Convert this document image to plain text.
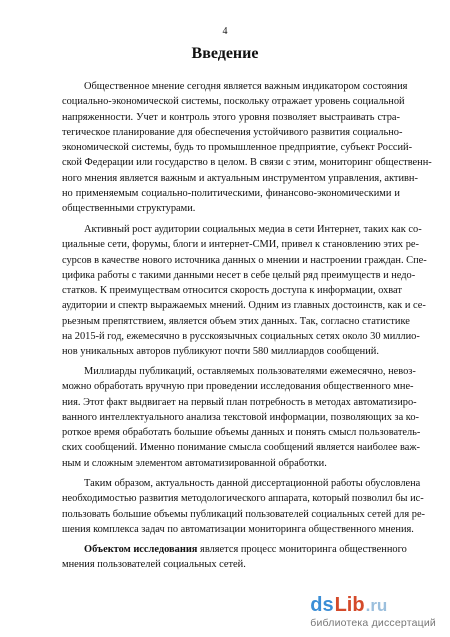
4
Введение
Общественное мнение сегодня является важным индикатором состояния
социально-экономической системы, поскольку отражает уровень социальной
напряженности. Учет и контроль этого уровня позволяет выстраивать стра-
тегическое планирование для обеспечения устойчивого развития социально-
экономической системы, будь то промышленное предприятие, субъект Россий-
ской Федерации или государство в целом. В связи с этим, мониторинг общественн-
ного мнения является важным и актуальным инструментом управления, активн-
но применяемым социально-политическими, финансово-экономическими и
общественными структурами.
Активный рост аудитории социальных медиа в сети Интернет, таких как со-
циальные сети, форумы, блоги и интернет-СМИ, привел к становлению этих ре-
сурсов в качестве нового источника данных о мнении и настроении граждан. Спе-
цифика работы с такими данными несет в себе целый ряд преимуществ и недо-
статков. К преимуществам относится скорость доступа к информации, охват
аудитории и спектр выражаемых мнений. Одним из главных достоинств, как и се-
рьезным препятствием, является объем этих данных. Так, согласно статистике
на 2015-й год, ежемесячно в русскоязычных социальных сетях около 30 миллио-
нов уникальных авторов публикуют почти 580 миллиардов сообщений.
Миллиарды публикаций, оставляемых пользователями ежемесячно, невоз-
можно обработать вручную при проведении исследования общественного мне-
ния. Этот факт выдвигает на первый план потребность в методах автоматизиро-
ванного интеллектуального анализа текстовой информации, позволяющих за ко-
роткое время обработать большие объемы данных и понять смысл пользователь-
ских сообщений. Именно понимание смысла сообщений является наиболее важ-
ным и сложным элементом автоматизированной обработки.
Таким образом, актуальность данной диссертационной работы обусловлена
необходимостью развития методологического аппарата, который позволил бы ис-
пользовать большие объемы публикаций пользователей социальных сетей для ре-
шения комплекса задач по автоматизации мониторинга общественного мнения.
Объектом исследования является процесс мониторинга общественного
мнения пользователей социальных сетей.
ds Lib .ru
библиотека диссертаций
